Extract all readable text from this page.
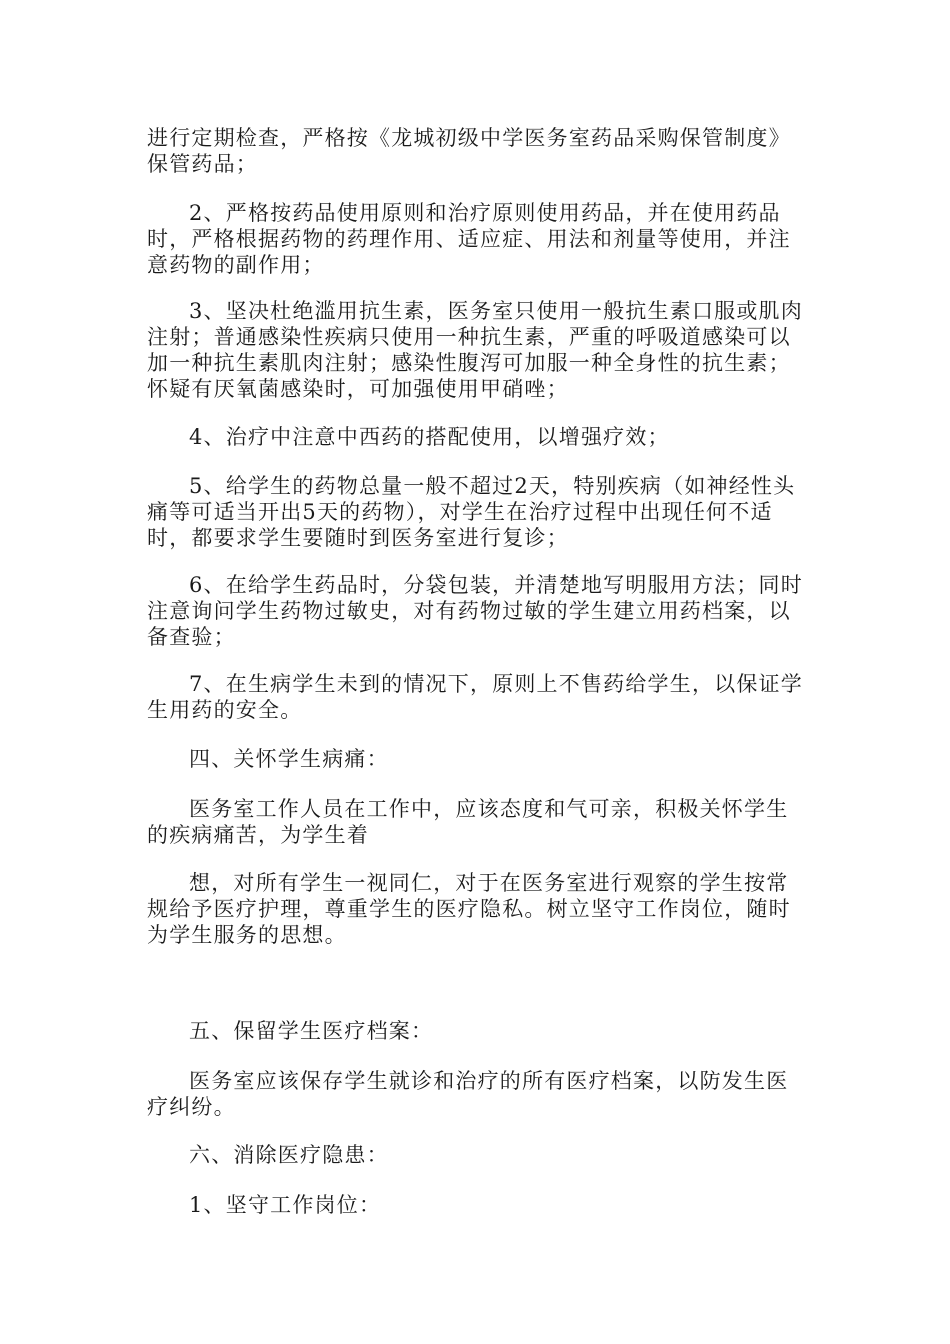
进行定期检查，严格按《龙城初级中学医务室药品采购保管制度》保管药品；

2、严格按药品使用原则和治疗原则使用药品，并在使用药品时，严格根据药物的药理作用、适应症、用法和剂量等使用，并注意药物的副作用；

3、坚决杜绝滥用抗生素，医务室只使用一般抗生素口服或肌肉注射；普通感染性疾病只使用一种抗生素，严重的呼吸道感染可以加一种抗生素肌肉注射；感染性腹泻可加服一种全身性的抗生素；怀疑有厌氧菌感染时，可加强使用甲硝唑；

4、治疗中注意中西药的搭配使用，以增强疗效；

5、给学生的药物总量一般不超过2天，特别疾病（如神经性头痛等可适当开出5天的药物），对学生在治疗过程中出现任何不适时，都要求学生要随时到医务室进行复诊；

6、在给学生药品时，分袋包装，并清楚地写明服用方法；同时注意询问学生药物过敏史，对有药物过敏的学生建立用药档案，以备查验；

7、在生病学生未到的情况下，原则上不售药给学生，以保证学生用药的安全。

四、关怀学生病痛：

医务室工作人员在工作中，应该态度和气可亲，积极关怀学生的疾病痛苦，为学生着

想，对所有学生一视同仁，对于在医务室进行观察的学生按常规给予医疗护理，尊重学生的医疗隐私。树立坚守工作岗位，随时为学生服务的思想。

五、保留学生医疗档案：

医务室应该保存学生就诊和治疗的所有医疗档案，以防发生医疗纠纷。

六、消除医疗隐患：

1、坚守工作岗位：
